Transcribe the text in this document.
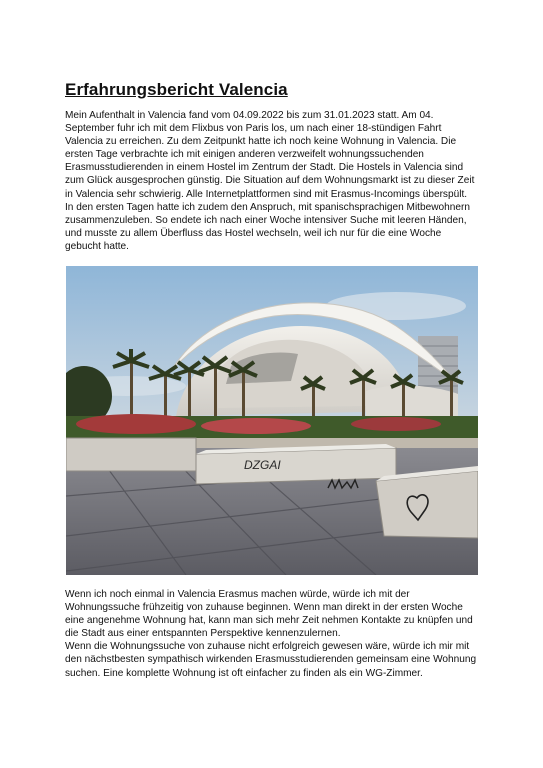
Erfahrungsbericht Valencia

Mein Aufenthalt in Valencia fand vom 04.09.2022 bis zum 31.01.2023 statt. Am 04.
September fuhr ich mit dem Flixbus von Paris los, um nach einer 18-stündigen Fahrt
Valencia zu erreichen. Zu dem Zeitpunkt hatte ich noch keine Wohnung in Valencia. Die
ersten Tage verbrachte ich mit einigen anderen verzweifelt wohnungssuchenden
Erasmusstudierenden in einem Hostel im Zentrum der Stadt. Die Hostels in Valencia sind
zum Glück ausgesprochen günstig. Die Situation auf dem Wohnungsmarkt ist zu dieser Zeit
in Valencia sehr schwierig. Alle Internetplattformen sind mit Erasmus-Incomings überspült.
In den ersten Tagen hatte ich zudem den Anspruch, mit spanischsprachigen Mitbewohnern
zusammenzuleben. So endete ich nach einer Woche intensiver Suche mit leeren Händen,
und musste zu allem Überfluss das Hostel wechseln, weil ich nur für die eine Woche
gebucht hatte.

DZGAI

Wenn ich noch einmal in Valencia Erasmus machen würde, würde ich mit der
Wohnungssuche frühzeitig von zuhause beginnen. Wenn man direkt in der ersten Woche
eine angenehme Wohnung hat, kann man sich mehr Zeit nehmen Kontakte zu knüpfen und
die Stadt aus einer entspannten Perspektive kennenzulernen.
Wenn die Wohnungssuche von zuhause nicht erfolgreich gewesen wäre, würde ich mir mit
den nächstbesten sympathisch wirkenden Erasmusstudierenden gemeinsam eine Wohnung
suchen. Eine komplette Wohnung ist oft einfacher zu finden als ein WG-Zimmer.
